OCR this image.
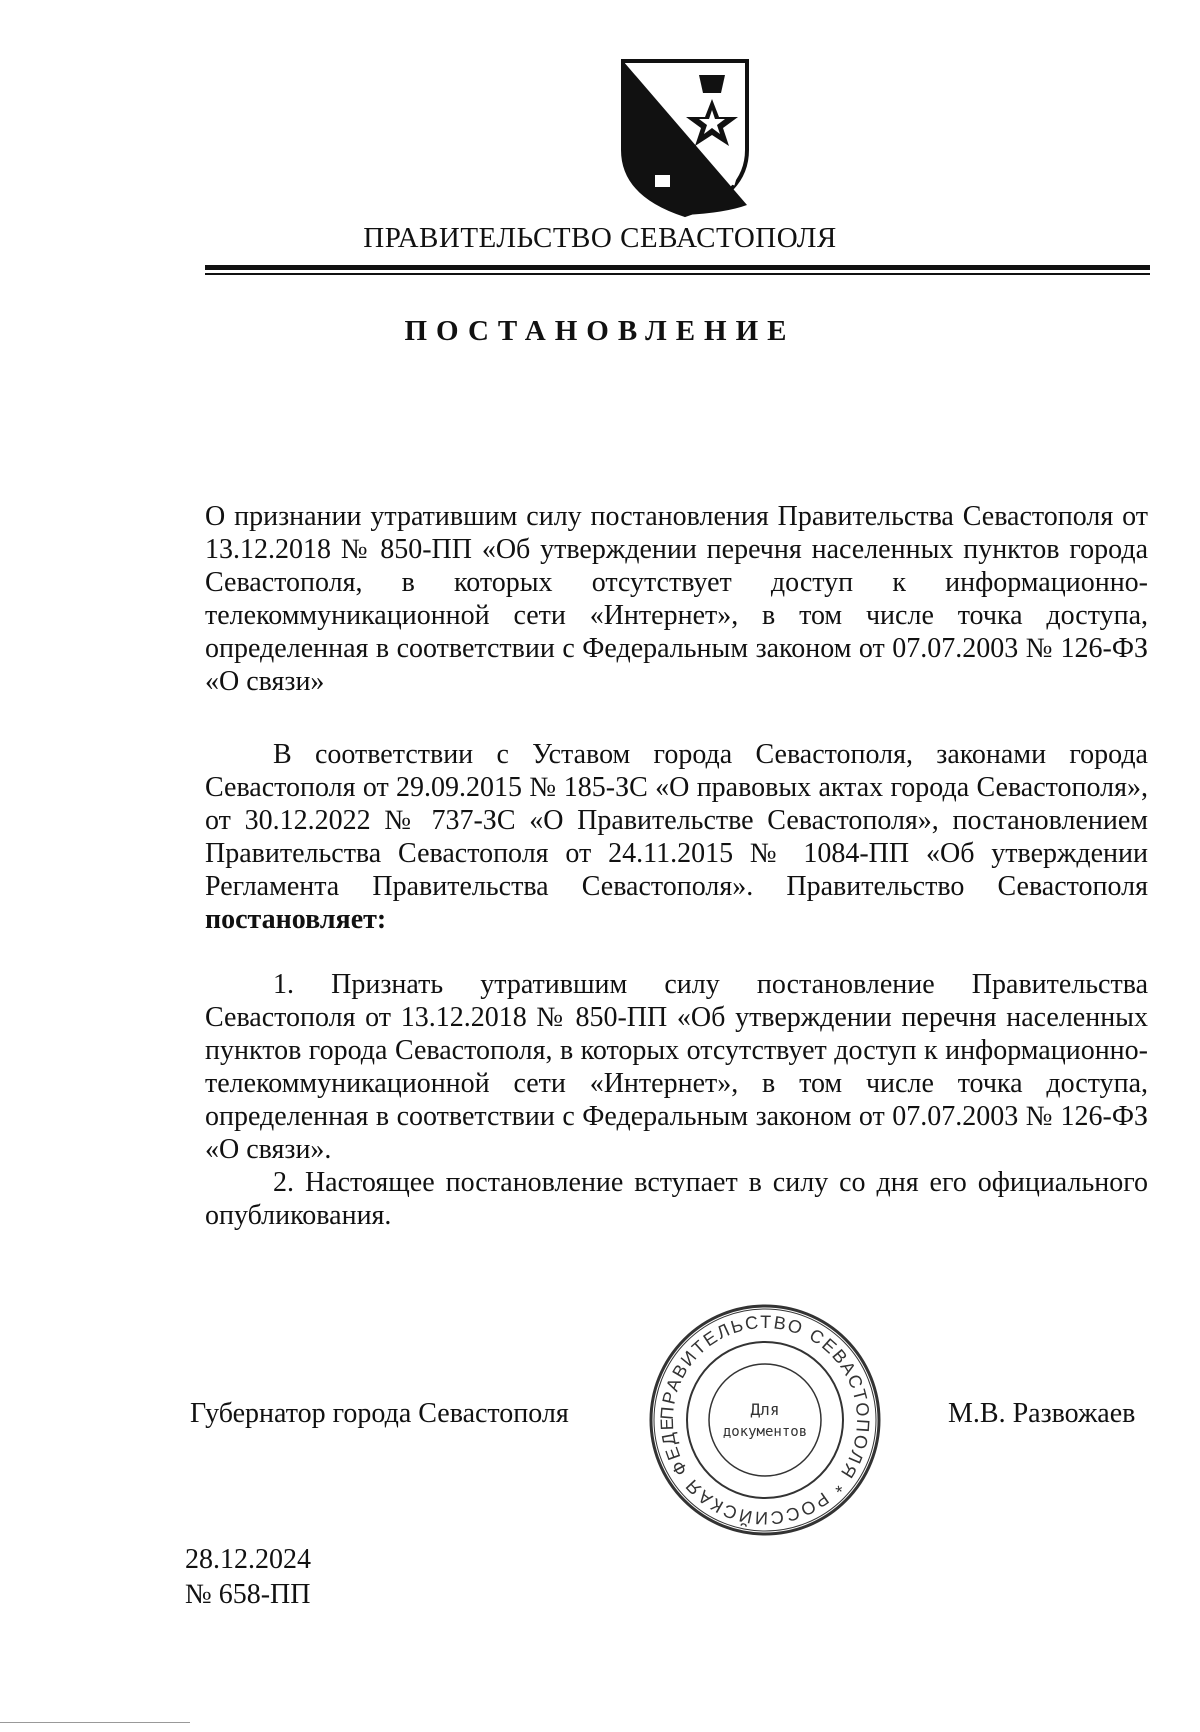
ПРАВИТЕЛЬСТВО СЕВАСТОПОЛЯ
ПОСТАНОВЛЕНИЕ

О признании утратившим силу постановления Правительства Севастополя от 13.12.2018 № 850-ПП «Об утверждении перечня населенных пунктов города Севастополя, в которых отсутствует доступ к информационно-телекоммуникационной сети «Интернет», в том числе точка доступа, определенная в соответствии с Федеральным законом от 07.07.2003 № 126-ФЗ «О связи»

В соответствии с Уставом города Севастополя, законами города Севастополя от 29.09.2015 № 185-ЗС «О правовых актах города Севастополя», от 30.12.2022 № 737-ЗС «О Правительстве Севастополя», постановлением Правительства Севастополя от 24.11.2015 № 1084-ПП «Об утверждении Регламента Правительства Севастополя». Правительство Севастополя постановляет:

1. Признать утратившим силу постановление Правительства Севастополя от 13.12.2018 № 850-ПП «Об утверждении перечня населенных пунктов города Севастополя, в которых отсутствует доступ к информационно-телекоммуникационной сети «Интернет», в том числе точка доступа, определенная в соответствии с Федеральным законом от 07.07.2003 № 126-ФЗ «О связи».

2. Настоящее постановление вступает в силу со дня его официального опубликования.

Губернатор города Севастополя	ПРАВИТЕЛЬСТВО СЕВАСТОПОЛЯ * РОССИЙСКАЯ ФЕДЕ
Для
документов
М.В. Развожаев
28.12.2024
№ 658-ПП
